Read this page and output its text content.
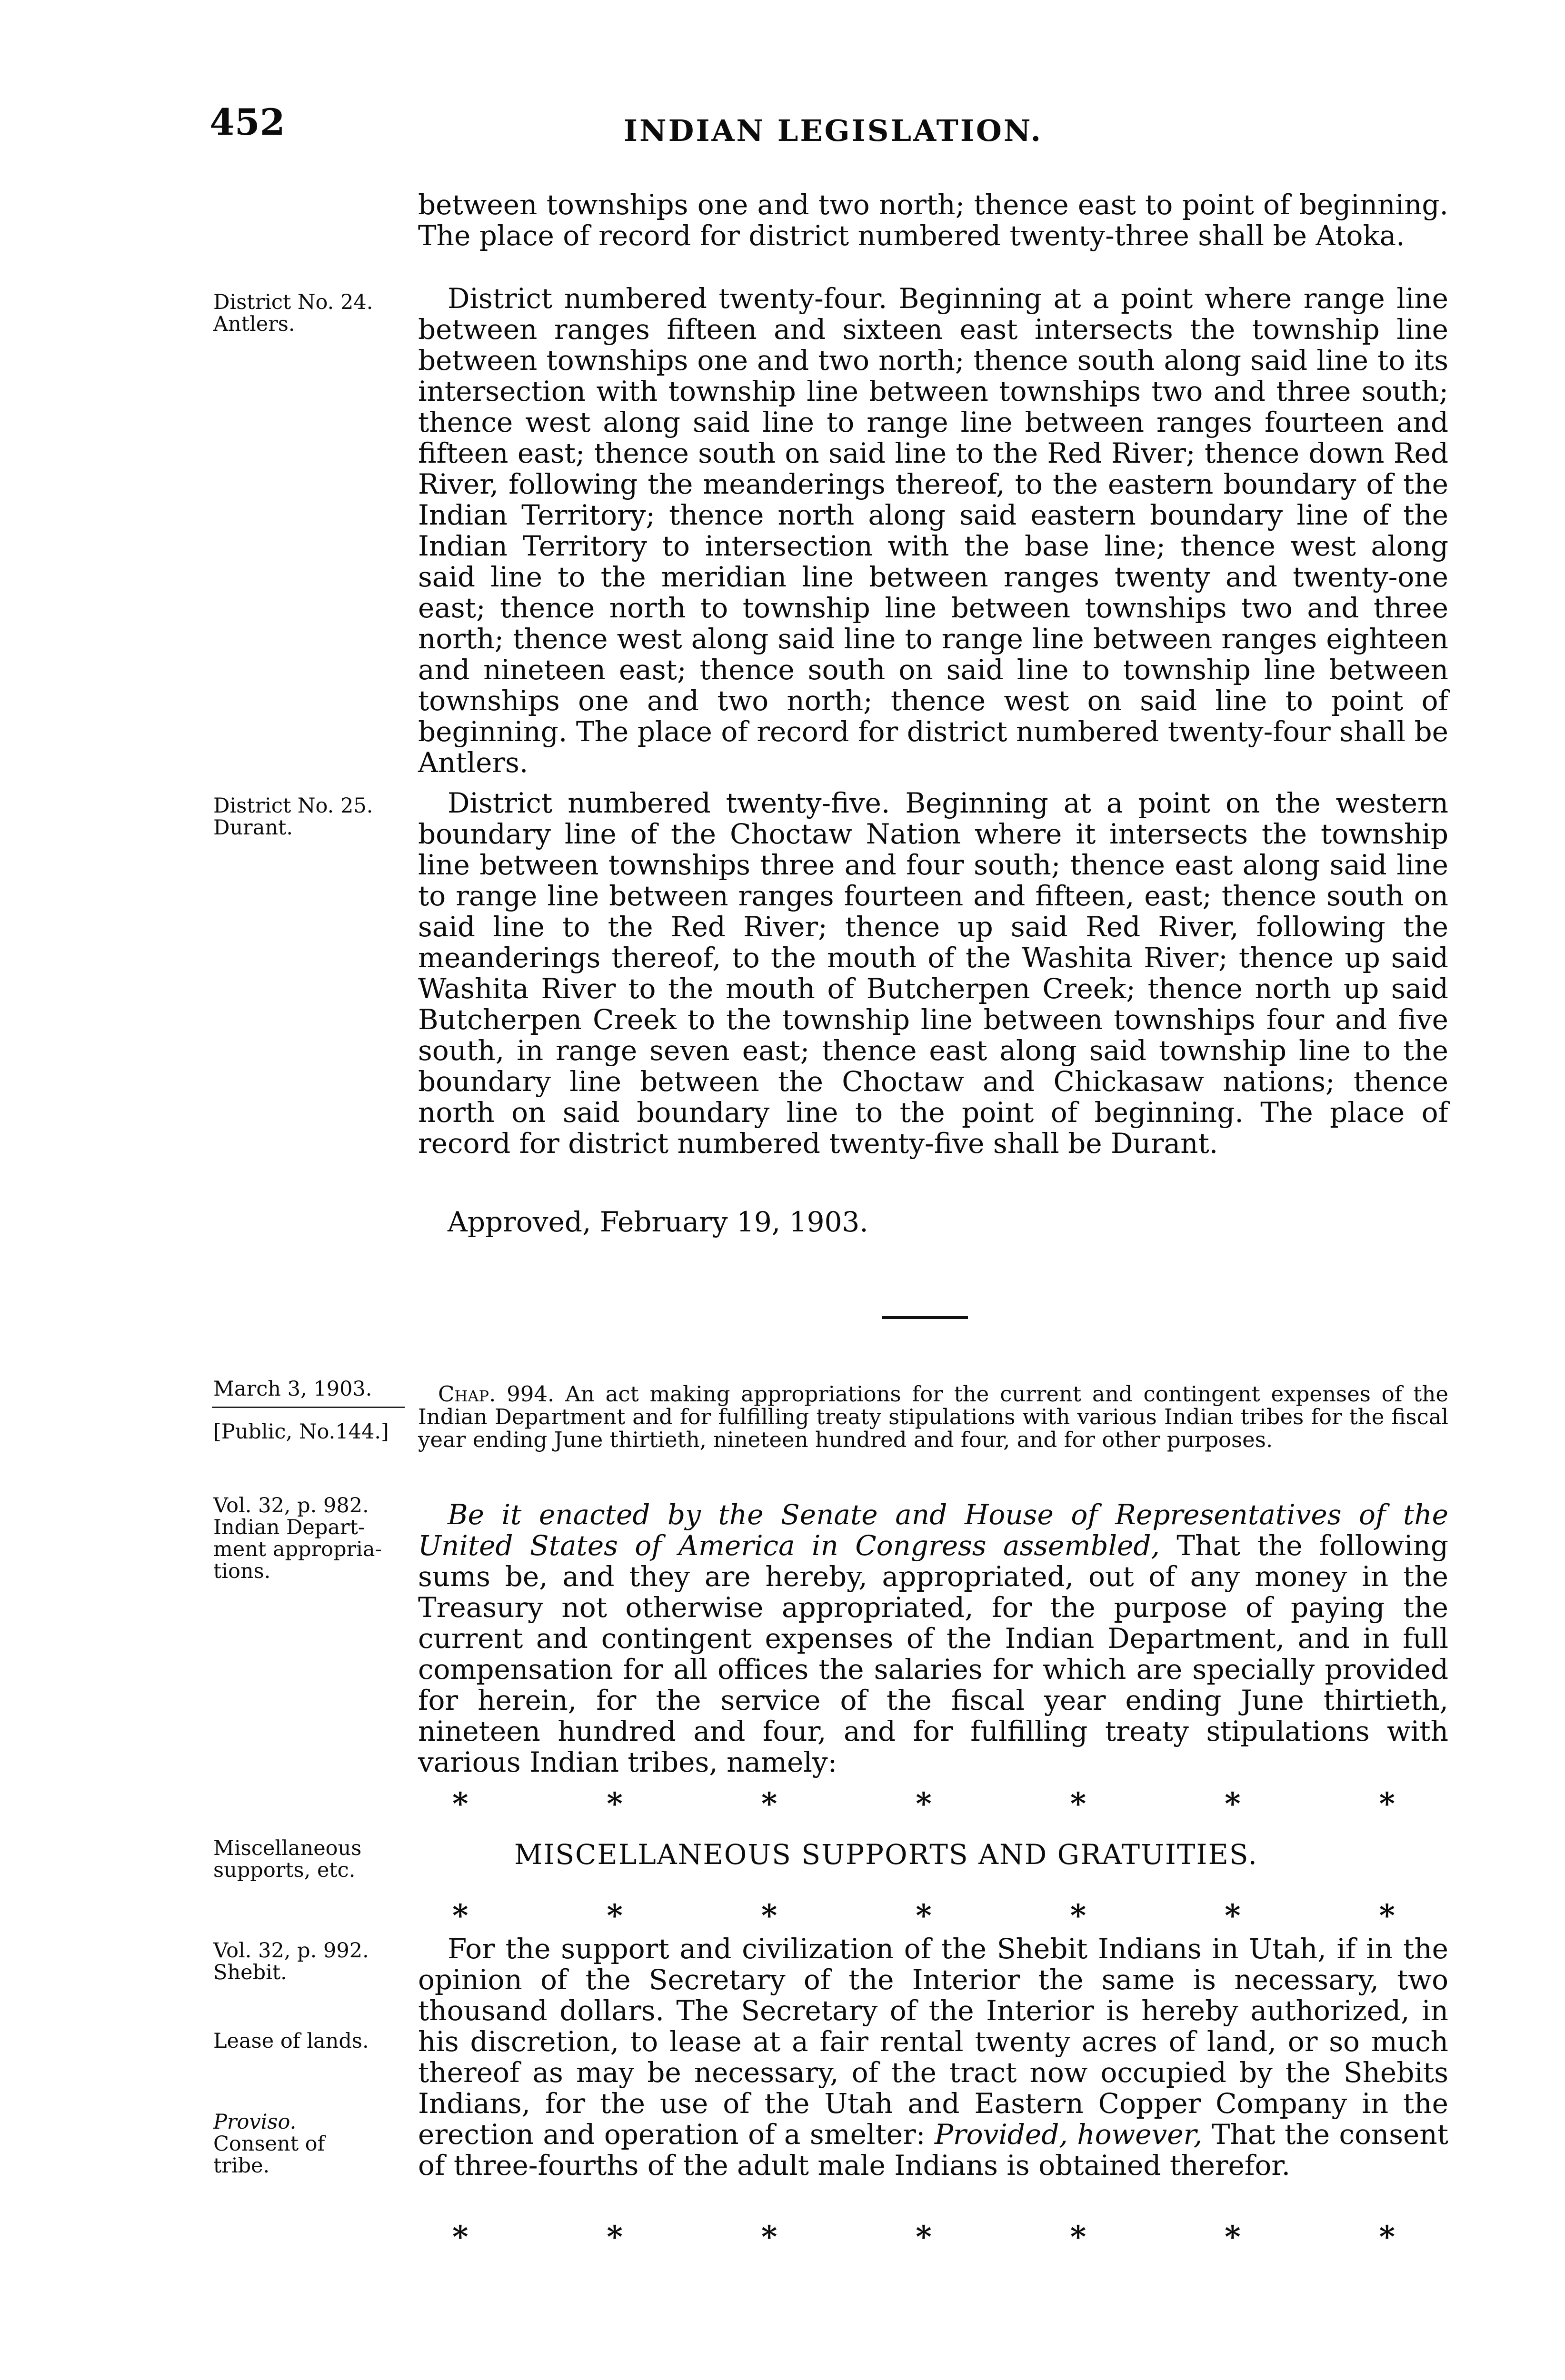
452	INDIAN LEGISLATION.

between townships one and two north; thence east to point of beginning. The place of record for district numbered twenty-three shall be Atoka.

District No. 24.
Antlers.

District numbered twenty-four. Beginning at a point where range line between ranges fifteen and sixteen east intersects the township line between townships one and two north; thence south along said line to its intersection with township line between townships two and three south; thence west along said line to range line between ranges fourteen and fifteen east; thence south on said line to the Red River; thence down Red River, following the meanderings thereof, to the eastern boundary of the Indian Territory; thence north along said eastern boundary line of the Indian Territory to intersection with the base line; thence west along said line to the meridian line between ranges twenty and twenty-one east; thence north to township line between townships two and three north; thence west along said line to range line between ranges eighteen and nineteen east; thence south on said line to township line between townships one and two north; thence west on said line to point of beginning. The place of record for district numbered twenty-four shall be Antlers.

District No. 25.
Durant.

District numbered twenty-five. Beginning at a point on the western boundary line of the Choctaw Nation where it intersects the township line between townships three and four south; thence east along said line to range line between ranges fourteen and fifteen, east; thence south on said line to the Red River; thence up said Red River, following the meanderings thereof, to the mouth of the Washita River; thence up said Washita River to the mouth of Butcherpen Creek; thence north up said Butcherpen Creek to the township line between townships four and five south, in range seven east; thence east along said township line to the boundary line between the Choctaw and Chickasaw nations; thence north on said boundary line to the point of beginning. The place of record for district numbered twenty-five shall be Durant.

Approved, February 19, 1903.
March 3, 1903.
[Public, No.144.]

Chap. 994. An act making appropriations for the current and contingent expenses of the Indian Department and for fulfilling treaty stipulations with various Indian tribes for the fiscal year ending June thirtieth, nineteen hundred and four, and for other purposes.

Vol. 32, p. 982.
Indian Depart-
ment appropria-
tions.

Be it enacted by the Senate and House of Representatives of the United States of America in Congress assembled, That the following sums be, and they are hereby, appropriated, out of any money in the Treasury not otherwise appropriated, for the purpose of paying the current and contingent expenses of the Indian Department, and in full compensation for all offices the salaries for which are specially provided for herein, for the service of the fiscal year ending June thirtieth, nineteen hundred and four, and for fulfilling treaty stipulations with various Indian tribes, namely:

*	*	*	*	*	*	*
Miscellaneous
supports, etc.	MISCELLANEOUS SUPPORTS AND GRATUITIES.
*	*	*	*	*	*	*
Vol. 32, p. 992.
Shebit.
Lease of lands.
Proviso.
Consent of
tribe.

For the support and civilization of the Shebit Indians in Utah, if in the opinion of the Secretary of the Interior the same is necessary, two thousand dollars. The Secretary of the Interior is hereby authorized, in his discretion, to lease at a fair rental twenty acres of land, or so much thereof as may be necessary, of the tract now occupied by the Shebits Indians, for the use of the Utah and Eastern Copper Company in the erection and operation of a smelter: Provided, however, That the consent of three-fourths of the adult male Indians is obtained therefor.

*	*	*	*	*	*	*
